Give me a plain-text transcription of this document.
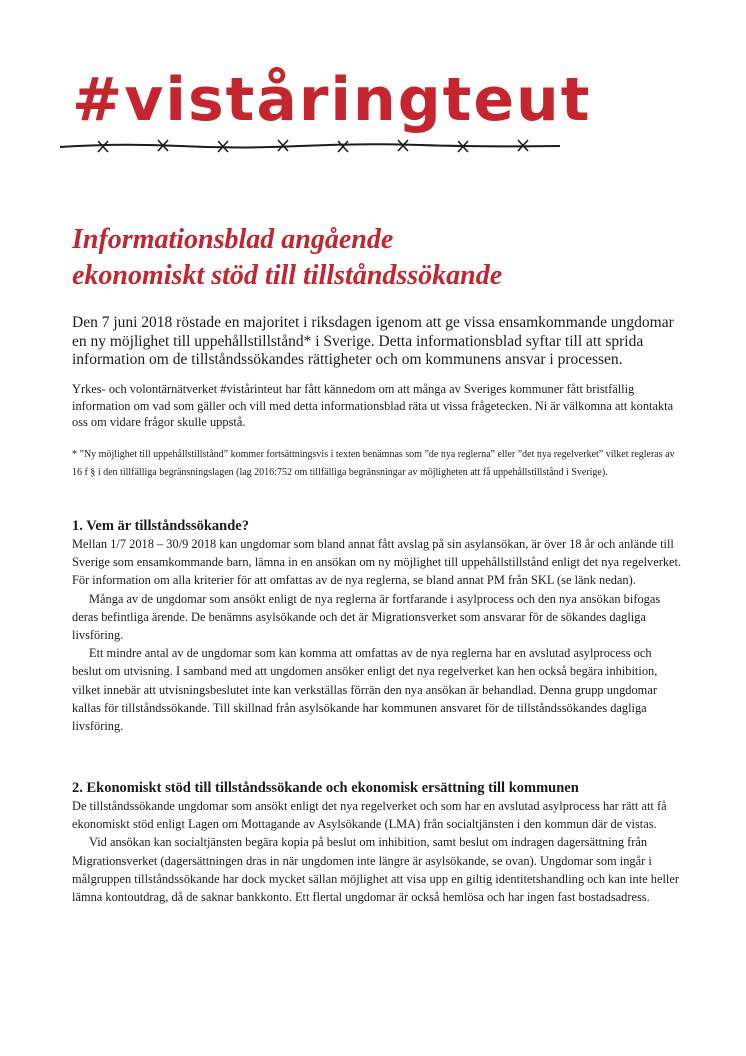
#viståringteut
Informationsblad angående
ekonomiskt stöd till tillståndssökande

Den 7 juni 2018 röstade en majoritet i riksdagen igenom att ge vissa ensamkommande ungdomar en ny möjlighet till uppehållstillstånd* i Sverige. Detta informationsblad syftar till att sprida information om de tillståndssökandes rättigheter och om kommunens ansvar i processen.

Yrkes- och volontärnätverket #vistårinteut har fått kännedom om att många av Sveriges kommuner fått bristfällig information om vad som gäller och vill med detta informationsblad räta ut vissa frågetecken. Ni är välkomna att kontakta oss om vidare frågor skulle uppstå.

* ”Ny möjlighet till uppehållstillstånd” kommer fortsättningsvis i texten benämnas som ”de nya reglerna” eller ”det nya regelverket” vilket regleras av 16 f § i den tillfälliga begränsningslagen (lag 2016:752 om tillfälliga begränsningar av möjligheten att få uppehållstillstånd i Sverige).

1. Vem är tillståndssökande?

Mellan 1/7 2018 – 30/9 2018 kan ungdomar som bland annat fått avslag på sin asylansökan, är över 18 år och anlände till Sverige som ensamkommande barn, lämna in en ansökan om ny möjlighet till uppehållstillstånd enligt det nya regelverket. För information om alla kriterier för att omfattas av de nya reglerna, se bland annat PM från SKL (se länk nedan).

Många av de ungdomar som ansökt enligt de nya reglerna är fortfarande i asylprocess och den nya ansökan bifogas deras befintliga ärende. De benämns asylsökande och det är Migrationsverket som ansvarar för de sökandes dagliga livsföring.

Ett mindre antal av de ungdomar som kan komma att omfattas av de nya reglerna har en avslutad asylprocess och beslut om utvisning. I samband med att ungdomen ansöker enligt det nya regelverket kan hen också begära inhibition, vilket innebär att utvisningsbeslutet inte kan verkställas förrän den nya ansökan är behandlad. Denna grupp ungdomar kallas för tillståndssökande. Till skillnad från asylsökande har kommunen ansvaret för de tillståndssökandes dagliga livsföring.

2. Ekonomiskt stöd till tillståndssökande och ekonomisk ersättning till kommunen

De tillståndssökande ungdomar som ansökt enligt det nya regelverket och som har en avslutad asylprocess har rätt att få ekonomiskt stöd enligt Lagen om Mottagande av Asylsökande (LMA) från socialtjänsten i den kommun där de vistas.

Vid ansökan kan socialtjänsten begära kopia på beslut om inhibition, samt beslut om indragen dagersättning från Migrationsverket (dagersättningen dras in när ungdomen inte längre är asylsökande, se ovan). Ungdomar som ingår i målgruppen tillståndssökande har dock mycket sällan möjlighet att visa upp en giltig identitetshandling och kan inte heller lämna kontoutdrag, då de saknar bankkonto. Ett flertal ungdomar är också hemlösa och har ingen fast bostadsadress.
